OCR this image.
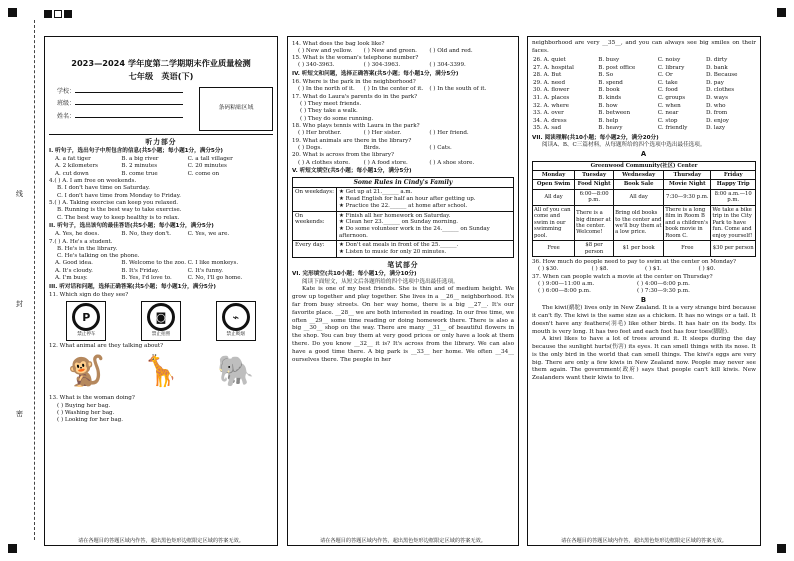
线
封
密
2023—2024 学年度第二学期期末作业质量检测
七年级　英语(下)
学校：
班级：
姓名：
条码粘贴区域
听力部分
I. 听句子，选出句子中所包含的信息(共5小题；每小题1分，满分5分)
A. a fat tiger	B. a big river	C. a tall villager
A. 2 kilometers	B. 2 minutes	C. 20 minutes
A. cut down	B. come true	C. come on
4.( ) A. I am free on weekends.
B. I don't have time on Saturday.
C. I don't have time from Monday to Friday.
5.( ) A. Taking exercise can keep you relaxed.
B. Running is the best way to take exercise.
C. The best way to keep healthy is to relax.
II. 听句子，选出该句的最佳答语(共5小题；每小题1分，满分5分)
A. Yes, he does.	B. No, they don't.	C. Yes, we are.
7.( ) A. He's a student.
B. He's in the library.
C. He's talking on the phone.
A. Good idea.	B. Welcome to the zoo. C. I like monkeys.
A. It's cloudy.	B. It's Friday.	C. It's funny.
A. I'm busy.	B. Yes, I'd love to.	C. No, I'll go home.
III. 听对话和问题，选择正确答案(共5小题；每小题1分，满分5分)
11. Which sign do they see?
P
禁止停车
◙
禁止拍照
⌁
禁止吸烟
12. What animal are they talking about?
🐒 🦒 🐘
13. What is the woman doing?
( ) Buying her bag.
( ) Washing her bag.
( ) Looking for her bag.
请在各题目的答题区域内作答，超出黑色矩形边框限定区域的答案无效。
14. What does the bag look like?
( ) New and yellow.	( ) New and green.	( ) Old and red.
15. What is the woman's telephone number?
( ) 340-3963.	( ) 304-3963.	( ) 304-3399.
IV. 听短文和问题，选择正确答案(共5小题；每小题1分，满分5分)
16. Where is the park in the neighborhood?
( ) In the north of it.	( ) In the center of it.	( ) In the south of it.
17. What do Laura's parents do in the park?
( ) They meet friends.
( ) They take a walk.
( ) They do some running.
18. Who plays tennis with Laura in the park?
( ) Her brother.	( ) Her sister.	( ) Her friend.
19. What animals are there in the library?
( ) Dogs.	Birds.	( ) Cats.
20. What is across from the library?
( ) A clothes store.	( ) A food store.	( ) A shoe store.
V. 听短文填空(共5小题；每小题1分，满分5分)
Some Rules in Cindy's Family	
On weekdays:	★ Get up at 21.______ a.m.
★ Read English for half an hour after getting up.
★ Practice the 22.______ at home after school.

On weekends:	★ Finish all her homework on Saturday.
★ Clean her 23.______ on Sunday morning.
★ Do some volunteer work in the 24.______ on Sunday afternoon.

Every day:	★ Don't eat meals in front of the 25.______.
★ Listen to music for only 20 minutes.
笔试部分
VI. 完形填空(共10小题；每小题1分，满分10分)
阅读下面短文，从短文后各题所给的四个选项中选出最佳选项。
Kate is one of my best friends. She is thin and of medium height. We grow up together and play together. She lives in a __26__ neighborhood. It's far from busy streets. On her way home, there is a big __27__. It's our favorite place. __28__ we are both interested in reading. In our free time, we often __29__ some time reading or doing homework there. There is also a big __30__ shop on the way. There are many __31__ of beautiful flowers in the shop. You can buy them at very good prices or only have a look at them there. Do you know __32__ it is? It's across from the library. We can also have a good time there. A big park is __33__ her home. We often __34__ ourselves there. The people in her
请在各题目的答题区域内作答，超出黑色矩形边框限定区域的答案无效。
neighborhood are very __35__, and you can always see big smiles on their faces.
26. A. quiet	B. busy	C. noisy	D. dirty
27. A. hospital	B. post office	C. library	D. bank
28. A. But	B. So	C. Or	D. Because
29. A. need	B. spend	C. take	D. pay
30. A. flower	B. book	C. food	D. clothes
31. A. places	B. kinds	C. groups	D. ways
32. A. where	B. how	C. when	D. who
33. A. over	B. between	C. near	D. from
34. A. dress	B. help	C. stop	D. enjoy
35. A. sad	B. heavy	C. friendly	D. lazy
VII. 阅读理解(共10小题；每小题2分，满分20分)
阅读A、B、C三篇材料，从每题所给的四个选项中选出最佳选项。
A
Greenwood Community(社区) Center				
Monday	Tuesday	Wednesday	Thursday	Friday
Open Swim	Food Night	Book Sale	Movie Night	Happy Trip
All day	6:00—8:00 p.m.	All day	7:30—9:30 p.m.	8:00 a.m.—10 p.m.
All of you can come and swim in our swimming pool.	There is a big dinner at the center. Welcome!	Bring old books to the center and we'll buy them at a low price.	There is a long film in Room B and a children's book movie in Room C.	We take a bike trip in the City Park to have fun. Come and enjoy yourself!
Free	$8 per person	$1 per book	Free	$30 per person
36. How much do people need to pay to swim at the center on Monday?
( ) $30.	( ) $8.	( ) $1.	( ) $0.
37. When can people watch a movie at the center on Thursday?
( ) 9:00—11:00 a.m.	( ) 4:00—6:00 p.m.
( ) 6:00—8:00 p.m.	( ) 7:30—9:30 p.m.
B
The kiwi(鹬鸵) lives only in New Zealand. It is a very strange bird because it can't fly. The kiwi is the same size as a chicken. It has no wings or a tail. It doesn't have any feathers(羽毛) like other birds. It has hair on its body. Its mouth is very long. It has two feet and each foot has four toes(脚趾).
A kiwi likes to have a lot of trees around it. It sleeps during the day because the sunlight hurts(伤害) its eyes. It can smell things with its nose. It is the only bird in the world that can smell things. The kiwi's eggs are very big. There are only a few kiwis in New Zealand now. People may never see them again. The government(政府) says that people can't kill kiwis. New Zealanders want their kiwis to live.
请在各题目的答题区域内作答，超出黑色矩形边框限定区域的答案无效。
